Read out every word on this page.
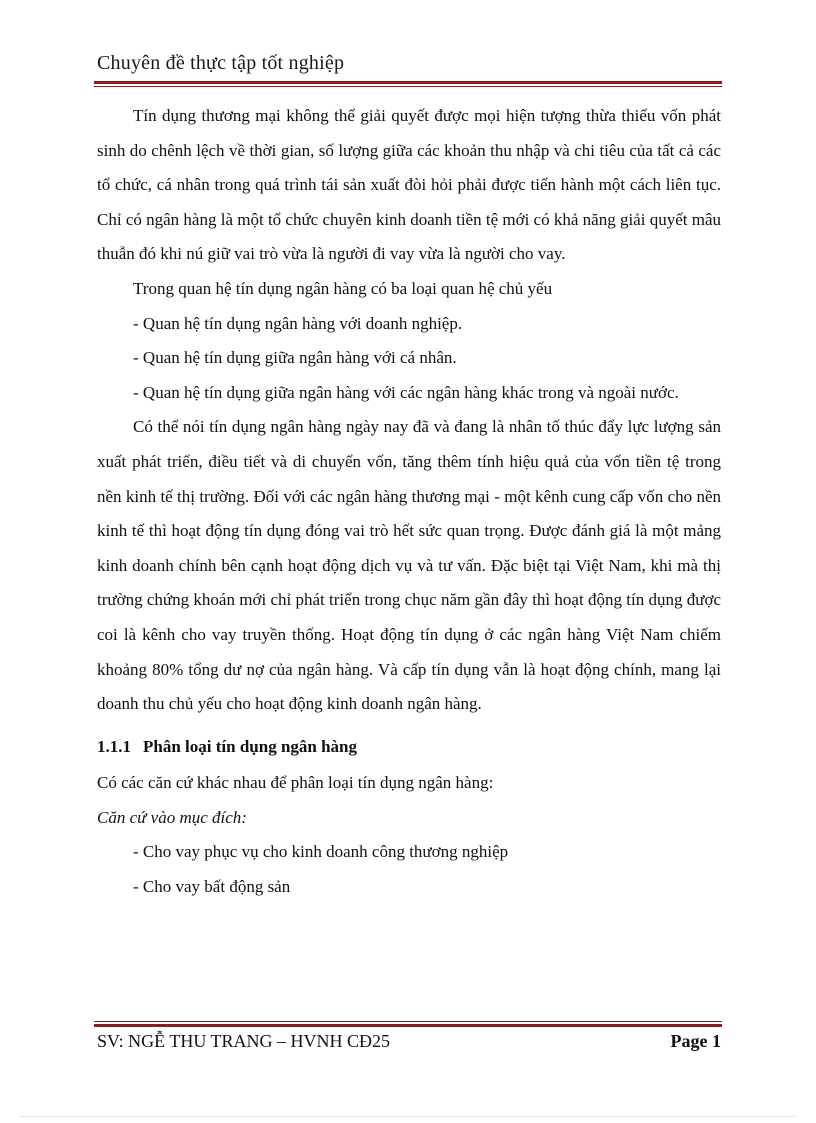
Chuyên đề thực tập tốt nghiệp

Tín dụng thương mại không thể giải quyết được mọi hiện tượng thừa thiếu vốn phát sinh do chênh lệch về thời gian, số lượng giữa các khoản thu nhập và chi tiêu của tất cả các tổ chức, cá nhân trong quá trình tái sản xuất đòi hỏi phải được tiến hành một cách liên tục. Chỉ có ngân hàng là một tổ chức chuyên kinh doanh tiền tệ mới có khả năng giải quyết mâu thuẫn đó khi nú giữ vai trò vừa là người đi vay vừa là người cho vay.

Trong quan hệ tín dụng ngân hàng có ba loại quan hệ chủ yếu

- Quan hệ tín dụng ngân hàng với doanh nghiệp.

- Quan hệ tín dụng giữa ngân hàng với cá nhân.

- Quan hệ tín dụng giữa ngân hàng với các ngân hàng khác trong và ngoài nước.

Có thể nói tín dụng ngân hàng ngày nay đã và đang là nhân tố thúc đẩy lực lượng sản xuất phát triển, điều tiết và di chuyển vốn, tăng thêm tính hiệu quả của vốn tiền tệ trong nền kinh tế thị trường. Đối với các ngân hàng thương mại - một kênh cung cấp vốn cho nền kinh tế thì hoạt động tín dụng đóng vai trò hết sức quan trọng. Được đánh giá là một mảng kinh doanh chính bên cạnh hoạt động dịch vụ và tư vấn. Đặc biệt tại Việt Nam, khi mà thị trường chứng khoán mới chỉ phát triển trong chục năm gần đây thì hoạt động tín dụng được coi là kênh cho vay truyền thống. Hoạt động tín dụng ở các ngân hàng Việt Nam chiếm khoảng 80% tổng dư nợ của ngân hàng. Và cấp tín dụng vẫn là hoạt động chính, mang lại doanh thu chủ yếu cho hoạt động kinh doanh ngân hàng.

1.1.1 Phân loại tín dụng ngân hàng

Có các căn cứ khác nhau để phân loại tín dụng ngân hàng:

Căn cứ vào mục đích:

- Cho vay phục vụ cho kinh doanh công thương nghiệp

- Cho vay bất động sản

SV: NGỄ THU TRANG – HVNH CĐ25	Page 1
